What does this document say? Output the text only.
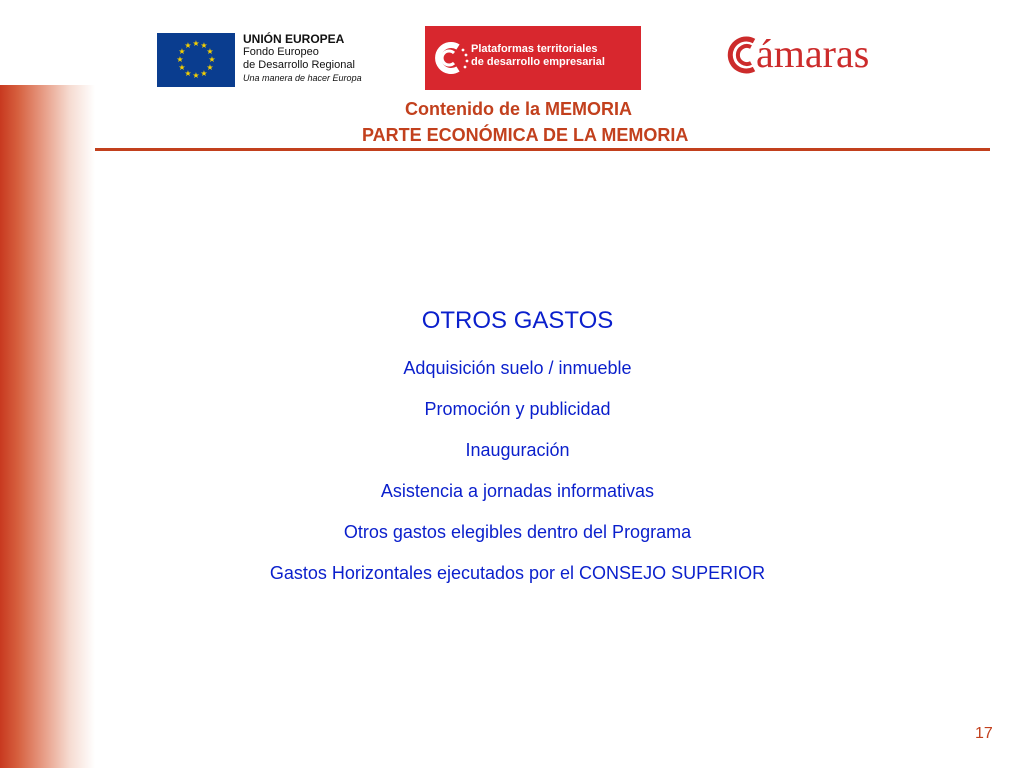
★ ★
★
★
★
★
★
★
★
★
★
★	UNIÓN EUROPEA
Fondo Europeo
de Desarrollo Regional
Una manera de hacer Europa
Plataformas territoriales
de desarrollo empresarial	ámaras
Contenido de la MEMORIA
PARTE ECONÓMICA DE LA MEMORIA
OTROS GASTOS
Adquisición suelo / inmueble
Promoción y publicidad
Inauguración
Asistencia a jornadas informativas
Otros gastos elegibles dentro del Programa
Gastos Horizontales ejecutados por el CONSEJO SUPERIOR
17
